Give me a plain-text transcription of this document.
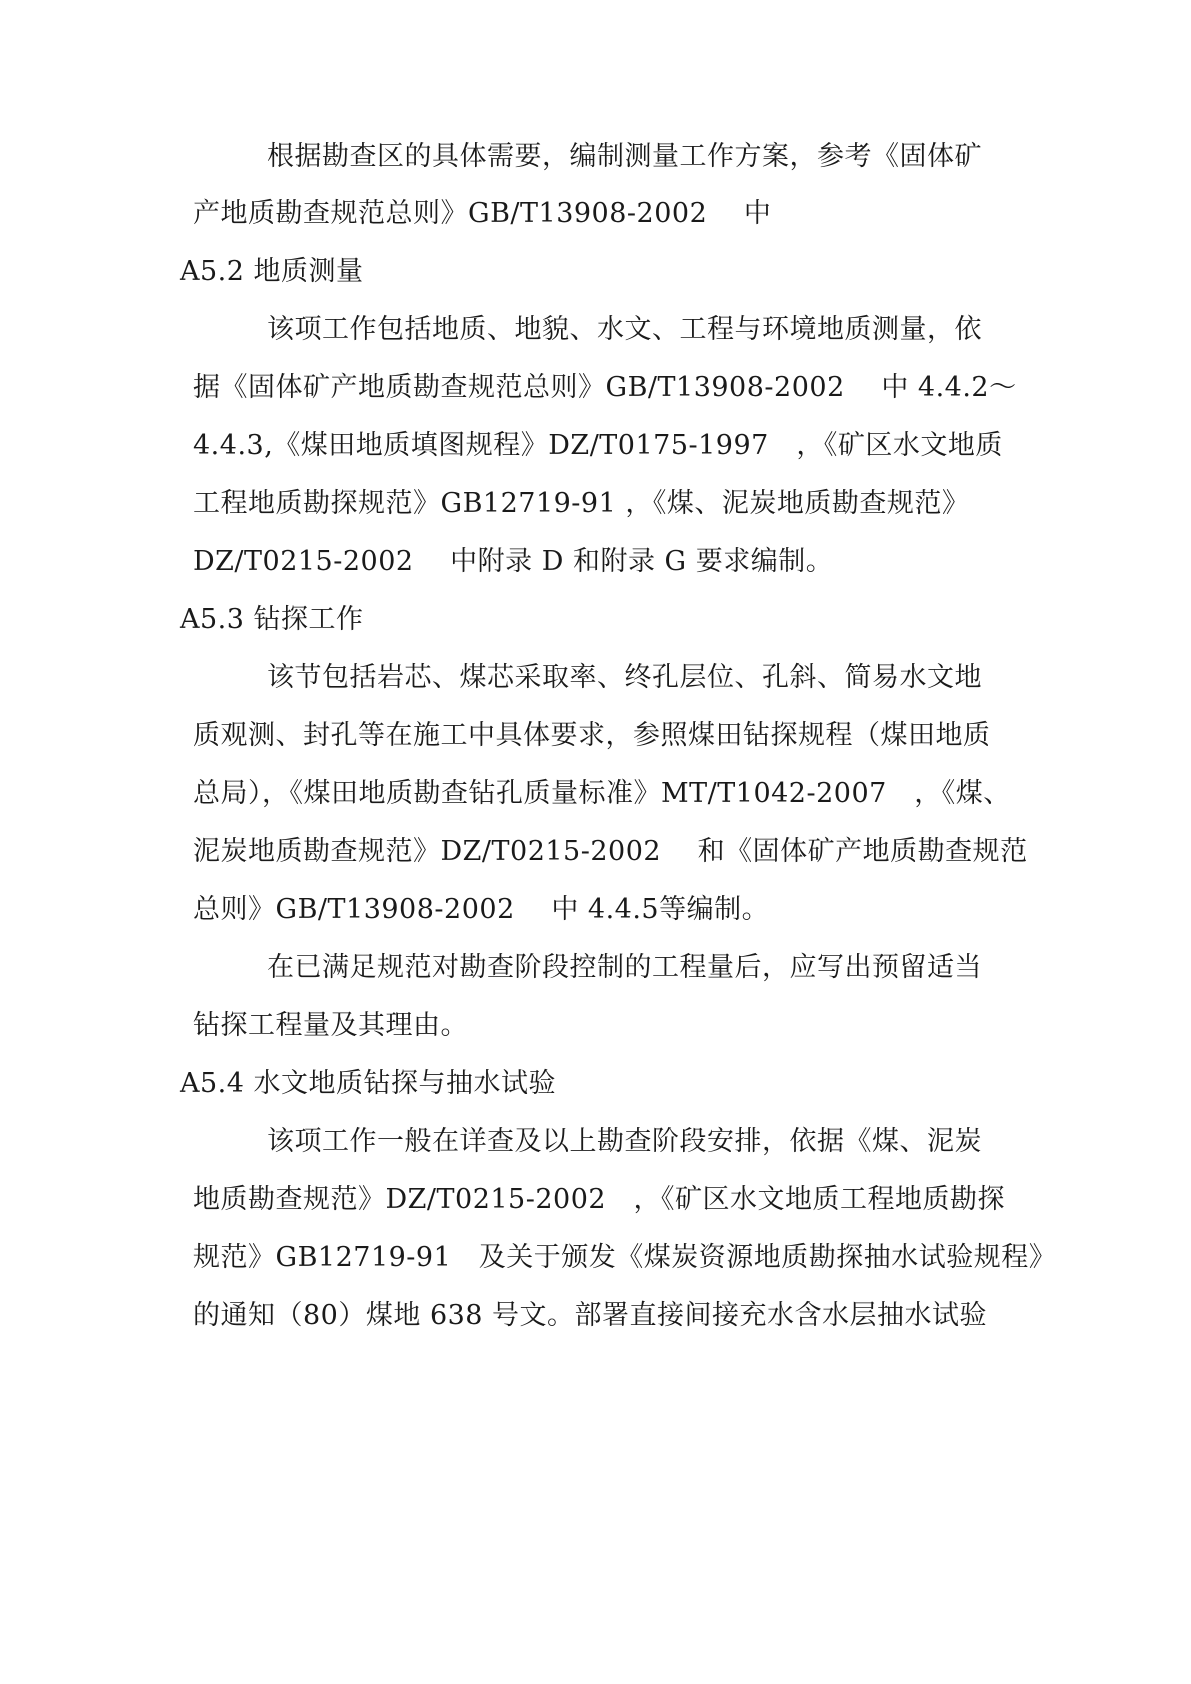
根据勘查区的具体需要，编制测量工作方案，参考《固体矿
产地质勘查规范总则》GB/T13908-2002　 中
A5.2 地质测量
该项工作包括地质、地貌、水文、工程与环境地质测量，依
据《固体矿产地质勘查规范总则》GB/T13908-2002　 中 4.4.2～
4.4.3,《煤田地质填图规程》DZ/T0175-1997　，《矿区水文地质
工程地质勘探规范》GB12719-91 ，《煤、泥炭地质勘查规范》
DZ/T0215-2002　 中附录 D 和附录 G 要求编制。
A5.3 钻探工作
该节包括岩芯、煤芯采取率、终孔层位、孔斜、简易水文地
质观测、封孔等在施工中具体要求，参照煤田钻探规程（煤田地质
总局），《煤田地质勘查钻孔质量标准》MT/T1042-2007　，《煤、
泥炭地质勘查规范》DZ/T0215-2002　 和《固体矿产地质勘查规范
总则》GB/T13908-2002　 中 4.4.5等编制。
在已满足规范对勘查阶段控制的工程量后，应写出预留适当
钻探工程量及其理由。
A5.4 水文地质钻探与抽水试验
该项工作一般在详查及以上勘查阶段安排，依据《煤、泥炭
地质勘查规范》DZ/T0215-2002　，《矿区水文地质工程地质勘探
规范》GB12719-91　及关于颁发《煤炭资源地质勘探抽水试验规程》
的通知（80）煤地 638 号文。部署直接间接充水含水层抽水试验
